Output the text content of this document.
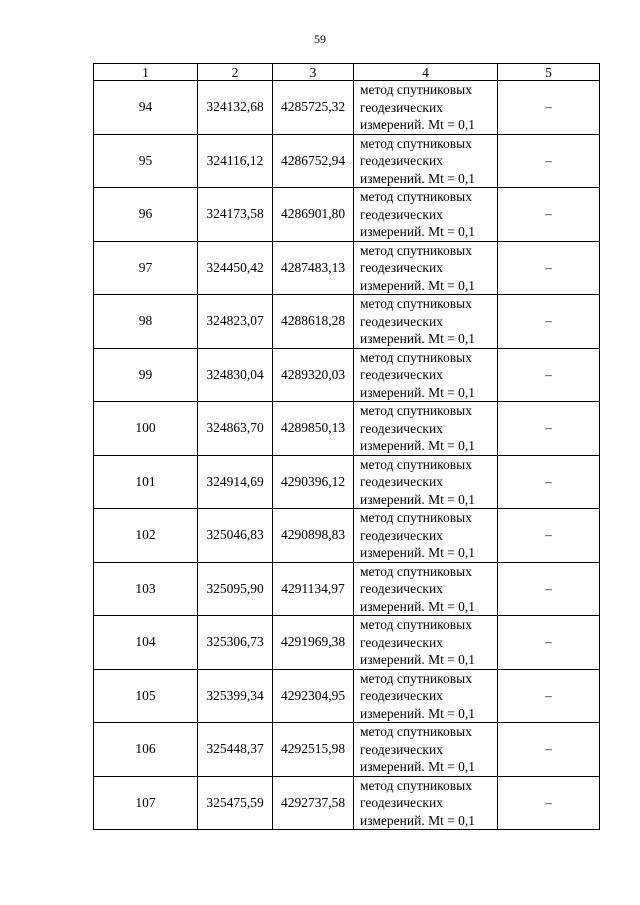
59
1	2	3	4	5
94	324132,68	4285725,32	метод спутниковых
геодезических
измерений. Mt = 0,1	–
95	324116,12	4286752,94	метод спутниковых
геодезических
измерений. Mt = 0,1	–
96	324173,58	4286901,80	метод спутниковых
геодезических
измерений. Mt = 0,1	–
97	324450,42	4287483,13	метод спутниковых
геодезических
измерений. Mt = 0,1	–
98	324823,07	4288618,28	метод спутниковых
геодезических
измерений. Mt = 0,1	–
99	324830,04	4289320,03	метод спутниковых
геодезических
измерений. Mt = 0,1	–
100	324863,70	4289850,13	метод спутниковых
геодезических
измерений. Mt = 0,1	–
101	324914,69	4290396,12	метод спутниковых
геодезических
измерений. Mt = 0,1	–
102	325046,83	4290898,83	метод спутниковых
геодезических
измерений. Mt = 0,1	–
103	325095,90	4291134,97	метод спутниковых
геодезических
измерений. Mt = 0,1	–
104	325306,73	4291969,38	метод спутниковых
геодезических
измерений. Mt = 0,1	–
105	325399,34	4292304,95	метод спутниковых
геодезических
измерений. Mt = 0,1	–
106	325448,37	4292515,98	метод спутниковых
геодезических
измерений. Mt = 0,1	–
107	325475,59	4292737,58	метод спутниковых
геодезических
измерений. Mt = 0,1	–
